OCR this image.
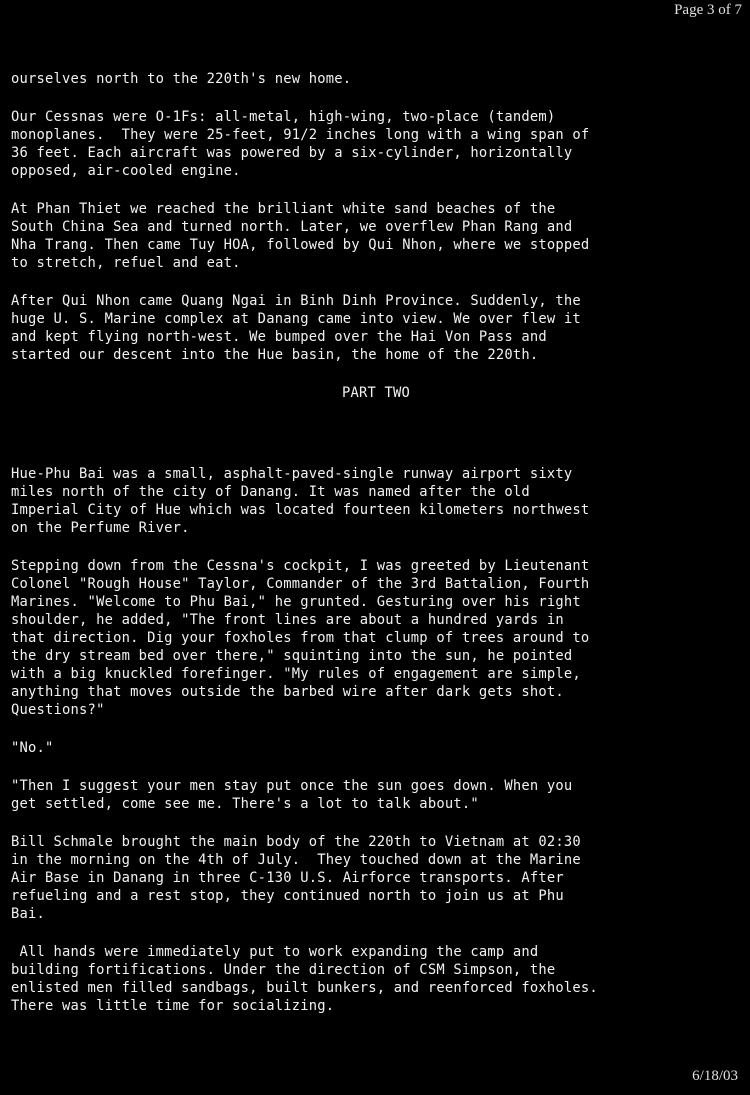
Page 3 of 7

ourselves north to the 220th's new home.

Our Cessnas were O-1Fs: all-metal, high-wing, two-place (tandem)
monoplanes.  They were 25-feet, 91/2 inches long with a wing span of
36 feet. Each aircraft was powered by a six-cylinder, horizontally
opposed, air-cooled engine.

At Phan Thiet we reached the brilliant white sand beaches of the
South China Sea and turned north. Later, we overflew Phan Rang and
Nha Trang. Then came Tuy HOA, followed by Qui Nhon, where we stopped
to stretch, refuel and eat.

After Qui Nhon came Quang Ngai in Binh Dinh Province. Suddenly, the
huge U. S. Marine complex at Danang came into view. We over flew it
and kept flying north-west. We bumped over the Hai Von Pass and
started our descent into the Hue basin, the home of the 220th.

PART TWO

Hue-Phu Bai was a small, asphalt-paved-single runway airport sixty
miles north of the city of Danang. It was named after the old
Imperial City of Hue which was located fourteen kilometers northwest
on the Perfume River.

Stepping down from the Cessna's cockpit, I was greeted by Lieutenant
Colonel "Rough House" Taylor, Commander of the 3rd Battalion, Fourth
Marines. "Welcome to Phu Bai," he grunted. Gesturing over his right
shoulder, he added, "The front lines are about a hundred yards in
that direction. Dig your foxholes from that clump of trees around to
the dry stream bed over there," squinting into the sun, he pointed
with a big knuckled forefinger. "My rules of engagement are simple,
anything that moves outside the barbed wire after dark gets shot.
Questions?"

"No."

"Then I suggest your men stay put once the sun goes down. When you
get settled, come see me. There's a lot to talk about."

Bill Schmale brought the main body of the 220th to Vietnam at 02:30
in the morning on the 4th of July.  They touched down at the Marine
Air Base in Danang in three C-130 U.S. Airforce transports. After
refueling and a rest stop, they continued north to join us at Phu
Bai.

All hands were immediately put to work expanding the camp and
building fortifications. Under the direction of CSM Simpson, the
enlisted men filled sandbags, built bunkers, and reenforced foxholes.
There was little time for socializing.

6/18/03
